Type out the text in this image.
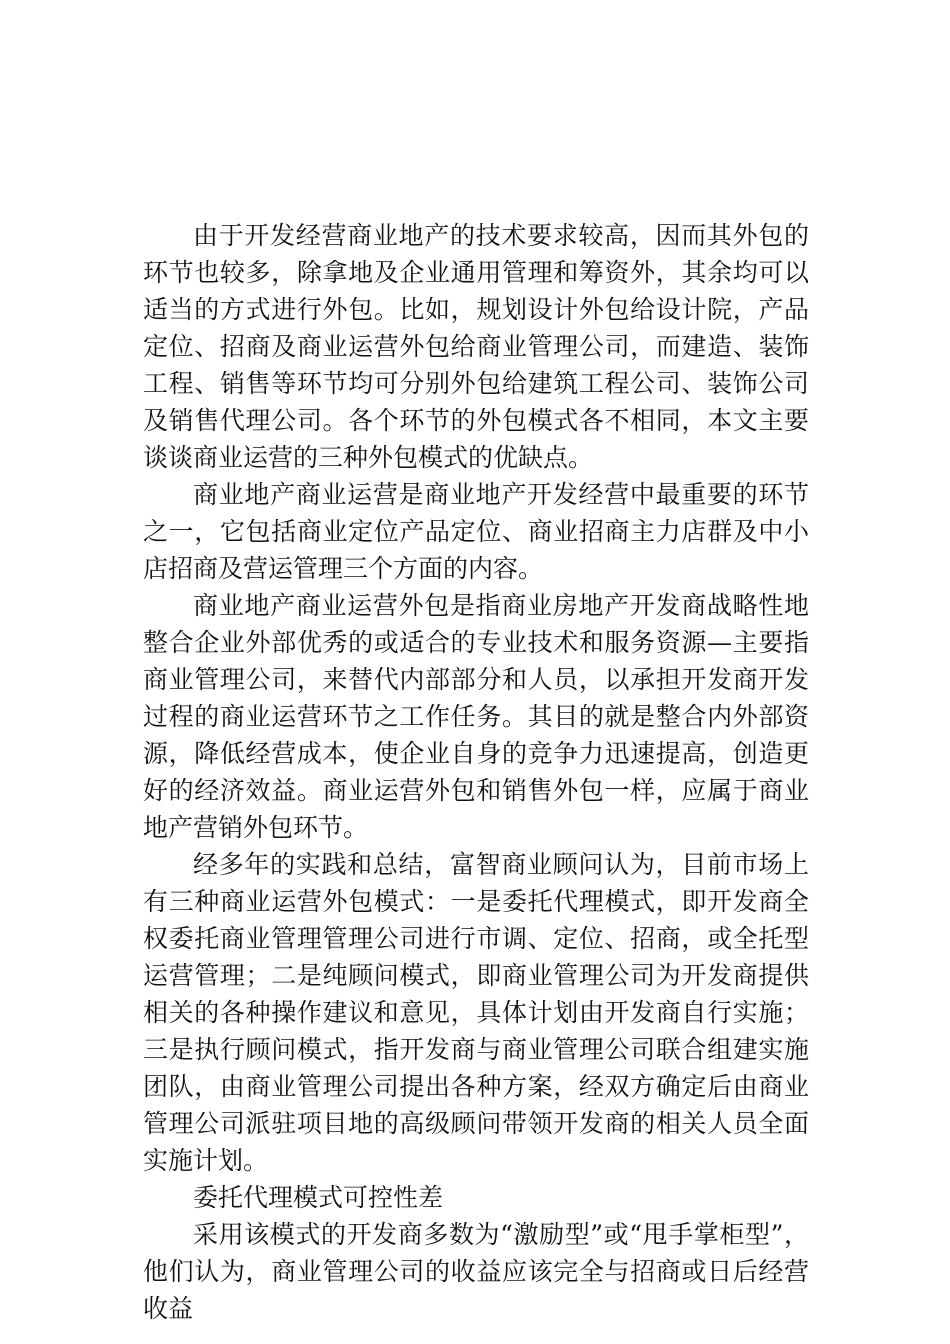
由于开发经营商业地产的技术要求较高，因而其外包的环节也较多，除拿地及企业通用管理和筹资外，其余均可以适当的方式进行外包。比如，规划设计外包给设计院，产品定位、招商及商业运营外包给商业管理公司，而建造、装饰工程、销售等环节均可分别外包给建筑工程公司、装饰公司及销售代理公司。各个环节的外包模式各不相同，本文主要谈谈商业运营的三种外包模式的优缺点。

商业地产商业运营是商业地产开发经营中最重要的环节之一，它包括商业定位产品定位、商业招商主力店群及中小店招商及营运管理三个方面的内容。

商业地产商业运营外包是指商业房地产开发商战略性地整合企业外部优秀的或适合的专业技术和服务资源—主要指商业管理公司，来替代内部部分和人员，以承担开发商开发过程的商业运营环节之工作任务。其目的就是整合内外部资源，降低经营成本，使企业自身的竞争力迅速提高，创造更好的经济效益。商业运营外包和销售外包一样，应属于商业地产营销外包环节。

经多年的实践和总结，富智商业顾问认为，目前市场上有三种商业运营外包模式：一是委托代理模式，即开发商全权委托商业管理管理公司进行市调、定位、招商，或全托型运营管理；二是纯顾问模式，即商业管理公司为开发商提供相关的各种操作建议和意见，具体计划由开发商自行实施；三是执行顾问模式，指开发商与商业管理公司联合组建实施团队，由商业管理公司提出各种方案，经双方确定后由商业管理公司派驻项目地的高级顾问带领开发商的相关人员全面实施计划。

委托代理模式可控性差

采用该模式的开发商多数为“激励型”或“甩手掌柜型”，他们认为，商业管理公司的收益应该完全与招商或日后经营收益
